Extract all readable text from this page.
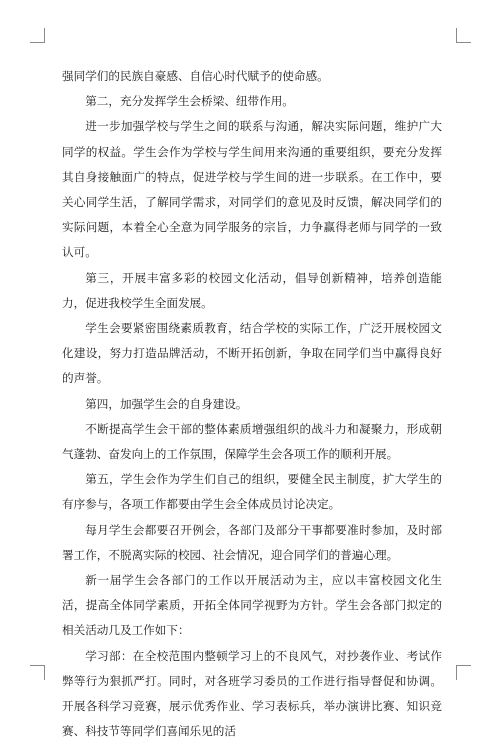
强同学们的民族自豪感、自信心时代赋予的使命感。

第二，充分发挥学生会桥梁、纽带作用。

进一步加强学校与学生之间的联系与沟通，解决实际问题，维护广大同学的权益。学生会作为学校与学生间用来沟通的重要组织，要充分发挥其自身接触面广的特点，促进学校与学生间的进一步联系。在工作中，要关心同学生活，了解同学需求，对同学们的意见及时反馈，解决同学们的实际问题，本着全心全意为同学服务的宗旨，力争赢得老师与同学的一致认可。

第三，开展丰富多彩的校园文化活动，倡导创新精神，培养创造能力，促进我校学生全面发展。

学生会要紧密围绕素质教育，结合学校的实际工作，广泛开展校园文化建设，努力打造品牌活动，不断开拓创新，争取在同学们当中赢得良好的声誉。

第四，加强学生会的自身建设。

不断提高学生会干部的整体素质增强组织的战斗力和凝聚力，形成朝气蓬勃、奋发向上的工作氛围，保障学生会各项工作的顺利开展。

第五，学生会作为学生们自己的组织，要健全民主制度，扩大学生的有序参与，各项工作都要由学生会全体成员讨论决定。

每月学生会都要召开例会，各部门及部分干事都要准时参加，及时部署工作，不脱离实际的校园、社会情况，迎合同学们的普遍心理。

新一届学生会各部门的工作以开展活动为主，应以丰富校园文化生活，提高全体同学素质，开拓全体同学视野为方针。学生会各部门拟定的相关活动几及工作如下：

学习部：在全校范围内整顿学习上的不良风气，对抄袭作业、考试作弊等行为狠抓严打。同时，对各班学习委员的工作进行指导督促和协调。开展各科学习竞赛，展示优秀作业、学习表标兵，举办演讲比赛、知识竞赛、科技节等同学们喜闻乐见的活
